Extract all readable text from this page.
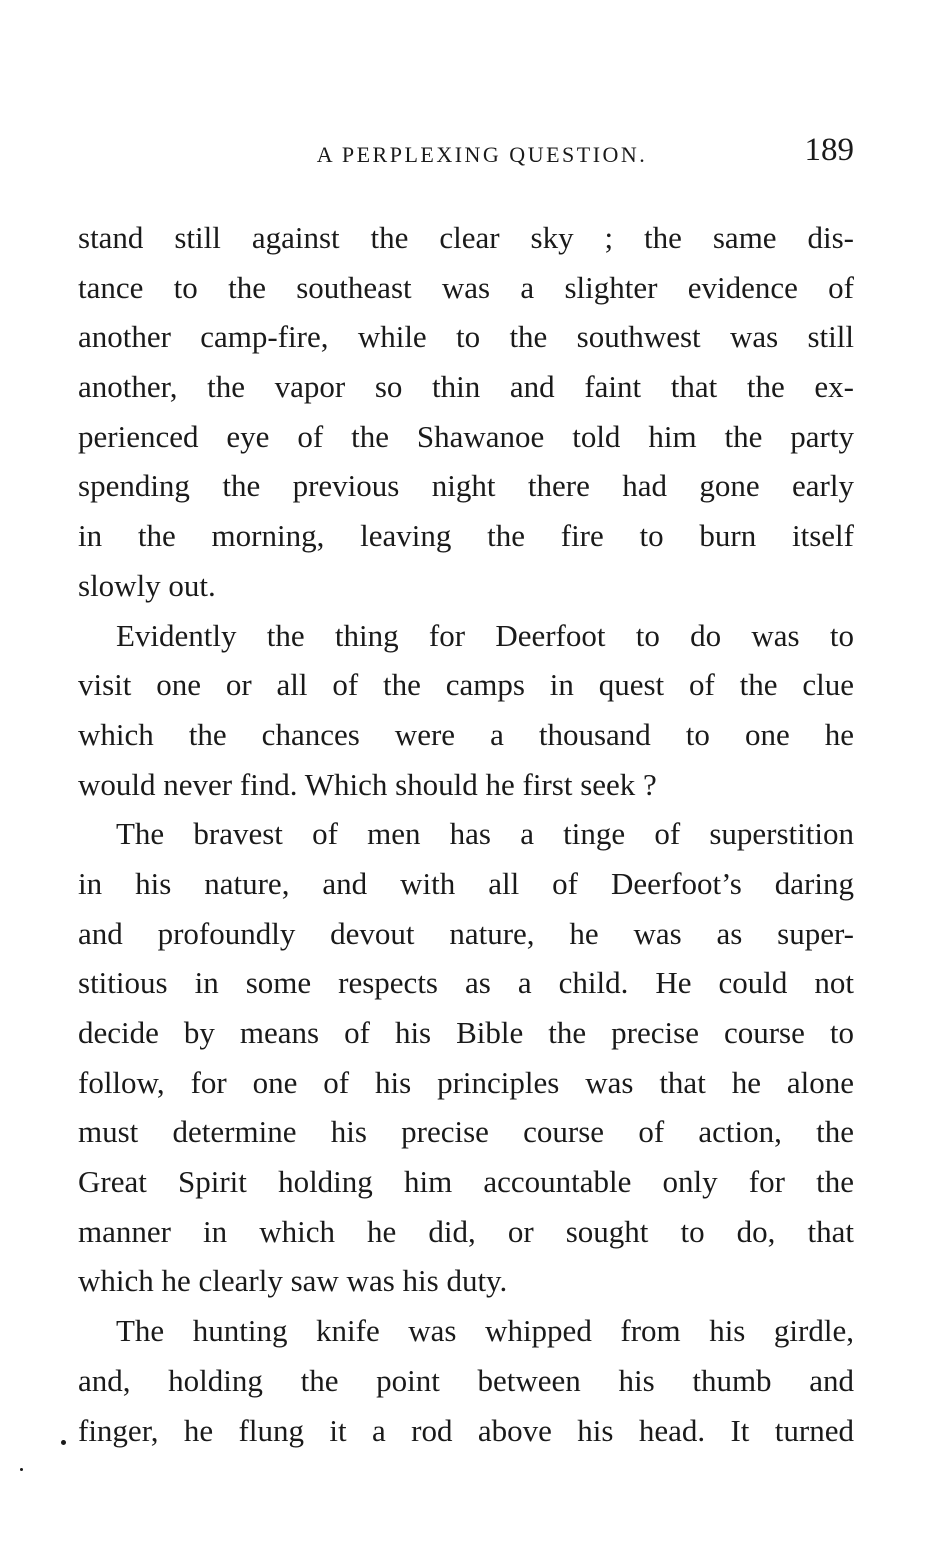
A PERPLEXING QUESTION.	189
stand still against the clear sky ; the same dis-
tance to the southeast was a slighter evidence of
another camp-fire, while to the southwest was still
another, the vapor so thin and faint that the ex-
perienced eye of the Shawanoe told him the party
spending the previous night there had gone early
in the morning, leaving the fire to burn itself
slowly out.
Evidently the thing for Deerfoot to do was to
visit one or all of the camps in quest of the clue
which the chances were a thousand to one he
would never find. Which should he first seek ?
The bravest of men has a tinge of superstition
in his nature, and with all of Deerfoot’s daring
and profoundly devout nature, he was as super-
stitious in some respects as a child. He could not
decide by means of his Bible the precise course to
follow, for one of his principles was that he alone
must determine his precise course of action, the
Great Spirit holding him accountable only for the
manner in which he did, or sought to do, that
which he clearly saw was his duty.
The hunting knife was whipped from his girdle,
and, holding the point between his thumb and
finger, he flung it a rod above his head. It turned
